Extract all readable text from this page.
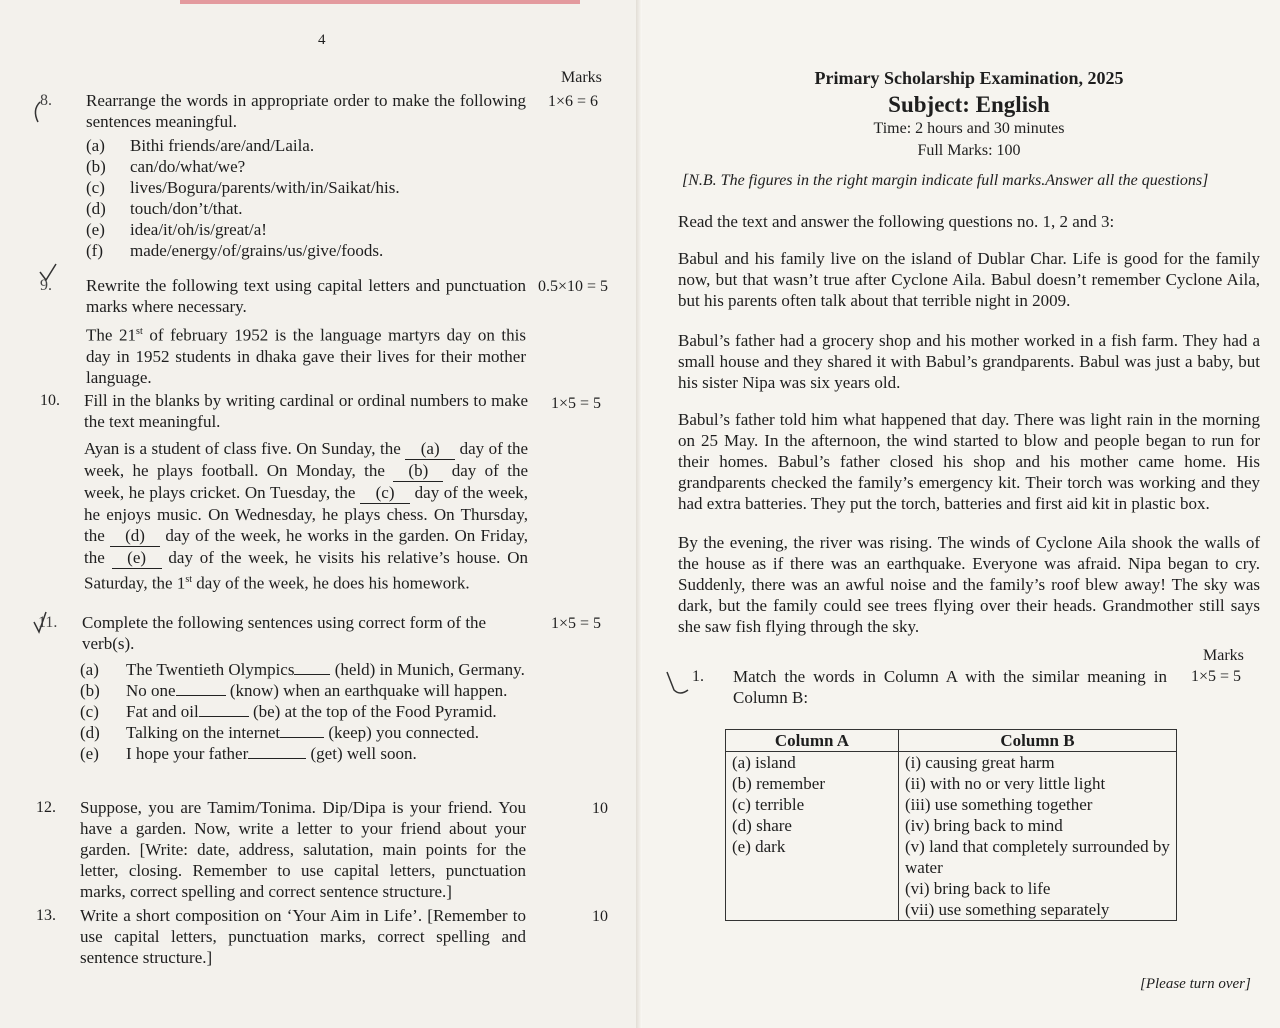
4
Marks
8. Rearrange the words in appropriate order to make the following sentences meaningful.
1×6 = 6
(a) Bithi friends/are/and/Laila.
(b) can/do/what/we?
(c) lives/Bogura/parents/with/in/Saikat/his.
(d) touch/don’t/that.
(e) idea/it/oh/is/great/a!
(f) made/energy/of/grains/us/give/foods.
9. Rewrite the following text using capital letters and punctuation marks where necessary.
0.5×10 = 5
The 21st of february 1952 is the language martyrs day on this day in 1952 students in dhaka gave their lives for their mother language.
10. Fill in the blanks by writing cardinal or ordinal numbers to make the text meaningful.
Ayan is a student of class five. On Sunday, the (a) day of the week, he plays football. On Monday, the (b) day of the week, he plays cricket. On Tuesday, the (c) day of the week, he enjoys music. On Wednesday, he plays chess. On Thursday, the (d) day of the week, he works in the garden. On Friday, the (e) day of the week, he visits his relative’s house. On Saturday, the 1st day of the week, he does his homework.
1×5 = 5
11. Complete the following sentences using correct form of the verb(s).
1×5 = 5
(a)	The Twentieth Olympics (held) in Munich, Germany.
(b)	No one	(know) when an earthquake will happen.
(c)	Fat and oil	(be) at the top of the Food Pyramid.
(d)	Talking on the internet	(keep) you connected.
(e)	I hope your father	(get) well soon.
12. Suppose, you are Tamim/Tonima. Dip/Dipa is your friend. You have a garden. Now, write a letter to your friend about your garden. [Write: date, address, salutation, main points for the letter, closing. Remember to use capital letters, punctuation marks, correct spelling and correct sentence structure.]
10
13. Write a short composition on ‘Your Aim in Life’. [Remember to use capital letters, punctuation marks, correct spelling and sentence structure.]
10
Primary Scholarship Examination, 2025
Subject: English
Time: 2 hours and 30 minutes
Full Marks: 100
[N.B. The figures in the right margin indicate full marks.Answer all the questions]
Read the text and answer the following questions no. 1, 2 and 3:
Babul and his family live on the island of Dublar Char. Life is good for the family now, but that wasn’t true after Cyclone Aila. Babul doesn’t remember Cyclone Aila, but his parents often talk about that terrible night in 2009.
Babul’s father had a grocery shop and his mother worked in a fish farm. They had a small house and they shared it with Babul’s grandparents. Babul was just a baby, but his sister Nipa was six years old.
Babul’s father told him what happened that day. There was light rain in the morning on 25 May. In the afternoon, the wind started to blow and people began to run for their homes. Babul’s father closed his shop and his mother came home. His grandparents checked the family’s emergency kit. Their torch was working and they had extra batteries. They put the torch, batteries and first aid kit in plastic box.
By the evening, the river was rising. The winds of Cyclone Aila shook the walls of the house as if there was an earthquake. Everyone was afraid. Nipa began to cry. Suddenly, there was an awful noise and the family’s roof blew away! The sky was dark, but the family could see trees flying over their heads. Grandmother still says she saw fish flying through the sky.
Marks
1. Match the words in Column A with the similar meaning in Column B:
1×5 = 5
Column A	Column B
(a) island	(i) causing great harm
(b) remember	(ii) with no or very little light
(c) terrible	(iii) use something together
(d) share	(iv) bring back to mind
(e) dark	(v) land that completely surrounded by water
	(vi) bring back to life
	(vii) use something separately
[Please turn over]
